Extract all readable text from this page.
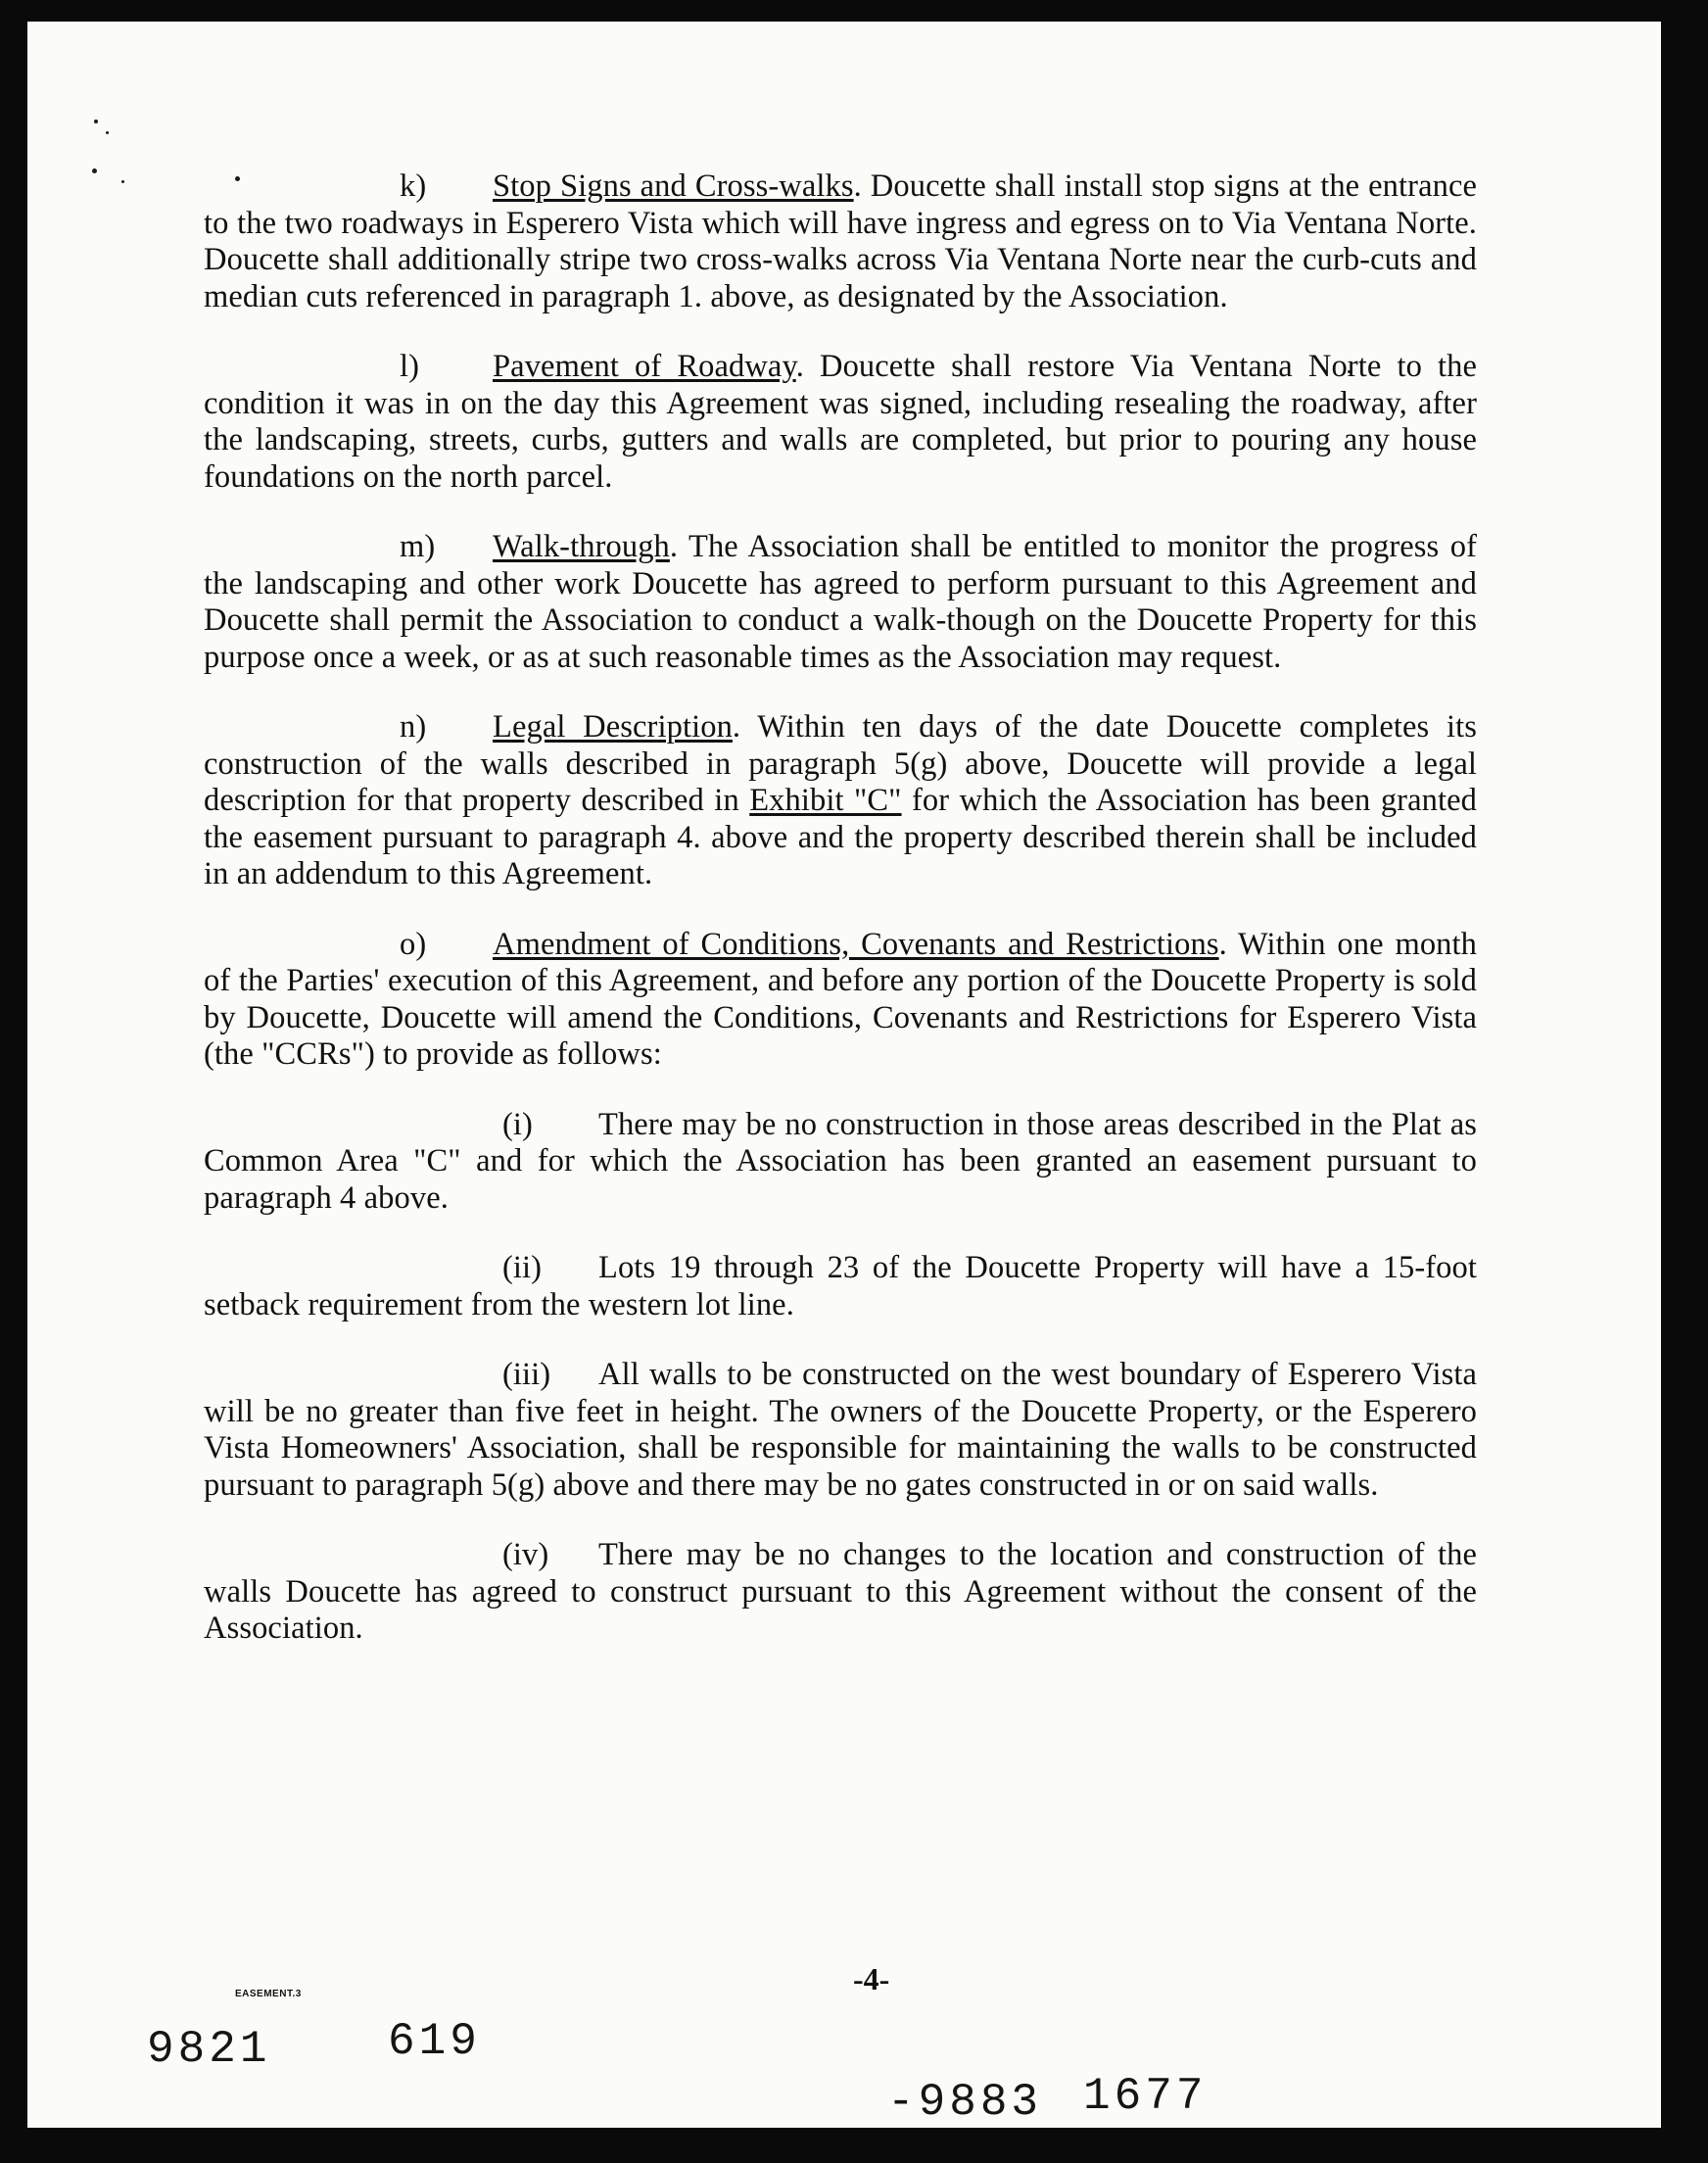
k) Stop Signs and Cross-walks. Doucette shall install stop signs at the entrance to the two roadways in Esperero Vista which will have ingress and egress on to Via Ventana Norte. Doucette shall additionally stripe two cross-walks across Via Ventana Norte near the curb-cuts and median cuts referenced in paragraph 1. above, as designated by the Association.

l) Pavement of Roadway. Doucette shall restore Via Ventana Norte to the condition it was in on the day this Agreement was signed, including resealing the roadway, after the landscaping, streets, curbs, gutters and walls are completed, but prior to pouring any house foundations on the north parcel.

m) Walk-through. The Association shall be entitled to monitor the progress of the landscaping and other work Doucette has agreed to perform pursuant to this Agreement and Doucette shall permit the Association to conduct a walk-though on the Doucette Property for this purpose once a week, or as at such reasonable times as the Association may request.

n) Legal Description. Within ten days of the date Doucette completes its construction of the walls described in paragraph 5(g) above, Doucette will provide a legal description for that property described in Exhibit "C" for which the Association has been granted the easement pursuant to paragraph 4. above and the property described therein shall be included in an addendum to this Agreement.

o) Amendment of Conditions, Covenants and Restrictions. Within one month of the Parties' execution of this Agreement, and before any portion of the Doucette Property is sold by Doucette, Doucette will amend the Conditions, Covenants and Restrictions for Esperero Vista (the "CCRs") to provide as follows:

(i) There may be no construction in those areas described in the Plat as Common Area "C" and for which the Association has been granted an easement pursuant to paragraph 4 above.

(ii) Lots 19 through 23 of the Doucette Property will have a 15-foot setback requirement from the western lot line.

(iii) All walls to be constructed on the west boundary of Esperero Vista will be no greater than five feet in height. The owners of the Doucette Property, or the Esperero Vista Homeowners' Association, shall be responsible for maintaining the walls to be constructed pursuant to paragraph 5(g) above and there may be no gates constructed in or on said walls.

(iv) There may be no changes to the location and construction of the walls Doucette has agreed to construct pursuant to this Agreement without the consent of the Association.

-4-
EASEMENT.3
9821	619
-9883 1677
